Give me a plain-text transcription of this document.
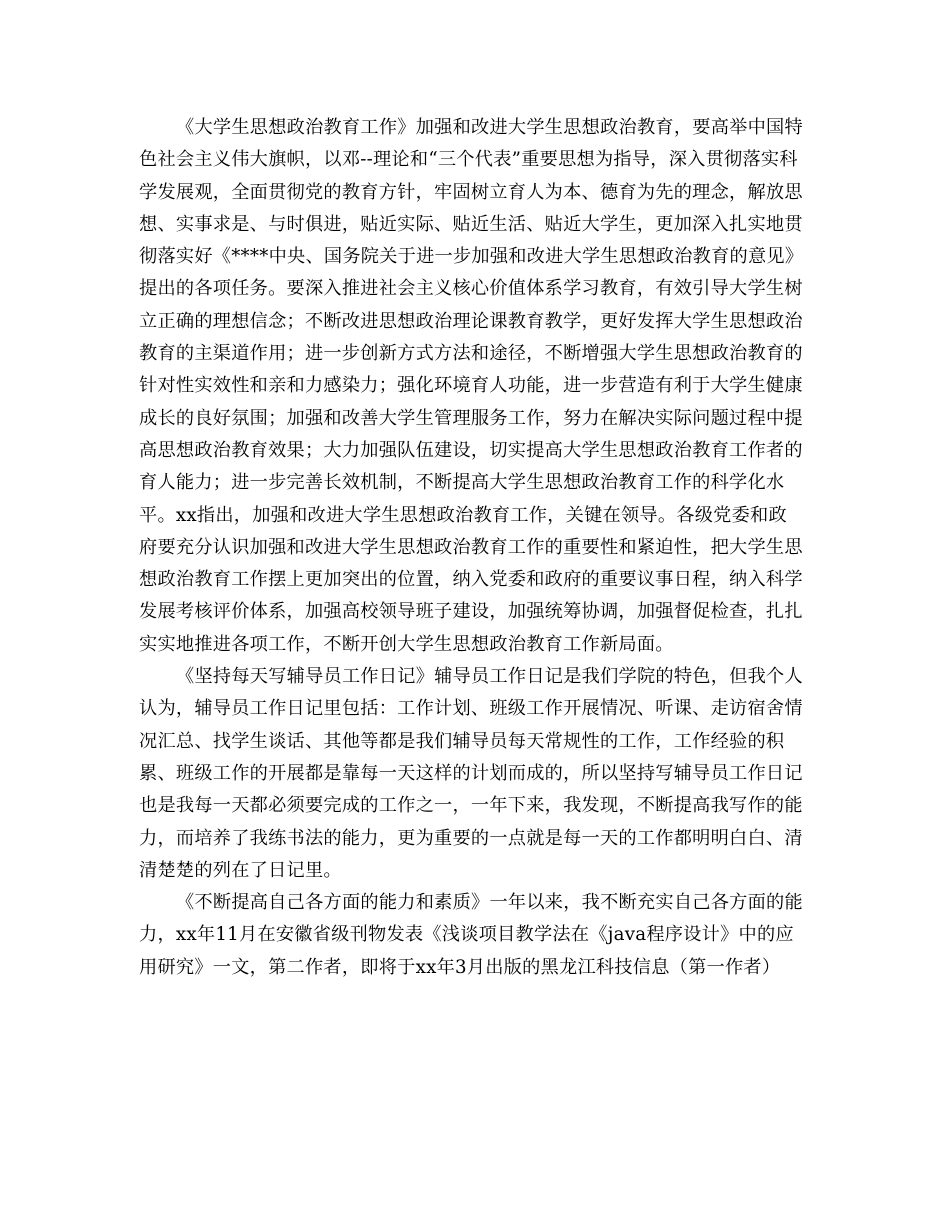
《大学生思想政治教育工作》加强和改进大学生思想政治教育，要高举中国特
色社会主义伟大旗帜，以邓--理论和“三个代表”重要思想为指导，深入贯彻落实科
学发展观，全面贯彻党的教育方针，牢固树立育人为本、德育为先的理念，解放思
想、实事求是、与时俱进，贴近实际、贴近生活、贴近大学生，更加深入扎实地贯
彻落实好《****中央、国务院关于进一步加强和改进大学生思想政治教育的意见》
提出的各项任务。要深入推进社会主义核心价值体系学习教育，有效引导大学生树
立正确的理想信念；不断改进思想政治理论课教育教学，更好发挥大学生思想政治
教育的主渠道作用；进一步创新方式方法和途径，不断增强大学生思想政治教育的
针对性实效性和亲和力感染力；强化环境育人功能，进一步营造有利于大学生健康
成长的良好氛围；加强和改善大学生管理服务工作，努力在解决实际问题过程中提
高思想政治教育效果；大力加强队伍建设，切实提高大学生思想政治教育工作者的
育人能力；进一步完善长效机制，不断提高大学生思想政治教育工作的科学化水
平。xx指出，加强和改进大学生思想政治教育工作，关键在领导。各级党委和政
府要充分认识加强和改进大学生思想政治教育工作的重要性和紧迫性，把大学生思
想政治教育工作摆上更加突出的位置，纳入党委和政府的重要议事日程，纳入科学
发展考核评价体系，加强高校领导班子建设，加强统筹协调，加强督促检查，扎扎
实实地推进各项工作，不断开创大学生思想政治教育工作新局面。
《坚持每天写辅导员工作日记》辅导员工作日记是我们学院的特色，但我个人
认为，辅导员工作日记里包括：工作计划、班级工作开展情况、听课、走访宿舍情
况汇总、找学生谈话、其他等都是我们辅导员每天常规性的工作，工作经验的积
累、班级工作的开展都是靠每一天这样的计划而成的，所以坚持写辅导员工作日记
也是我每一天都必须要完成的工作之一，一年下来，我发现，不断提高我写作的能
力，而培养了我练书法的能力，更为重要的一点就是每一天的工作都明明白白、清
清楚楚的列在了日记里。
《不断提高自己各方面的能力和素质》一年以来，我不断充实自己各方面的能
力，xx年11月在安徽省级刊物发表《浅谈项目教学法在《java程序设计》中的应
用研究》一文，第二作者，即将于xx年3月出版的黑龙江科技信息（第一作者）
